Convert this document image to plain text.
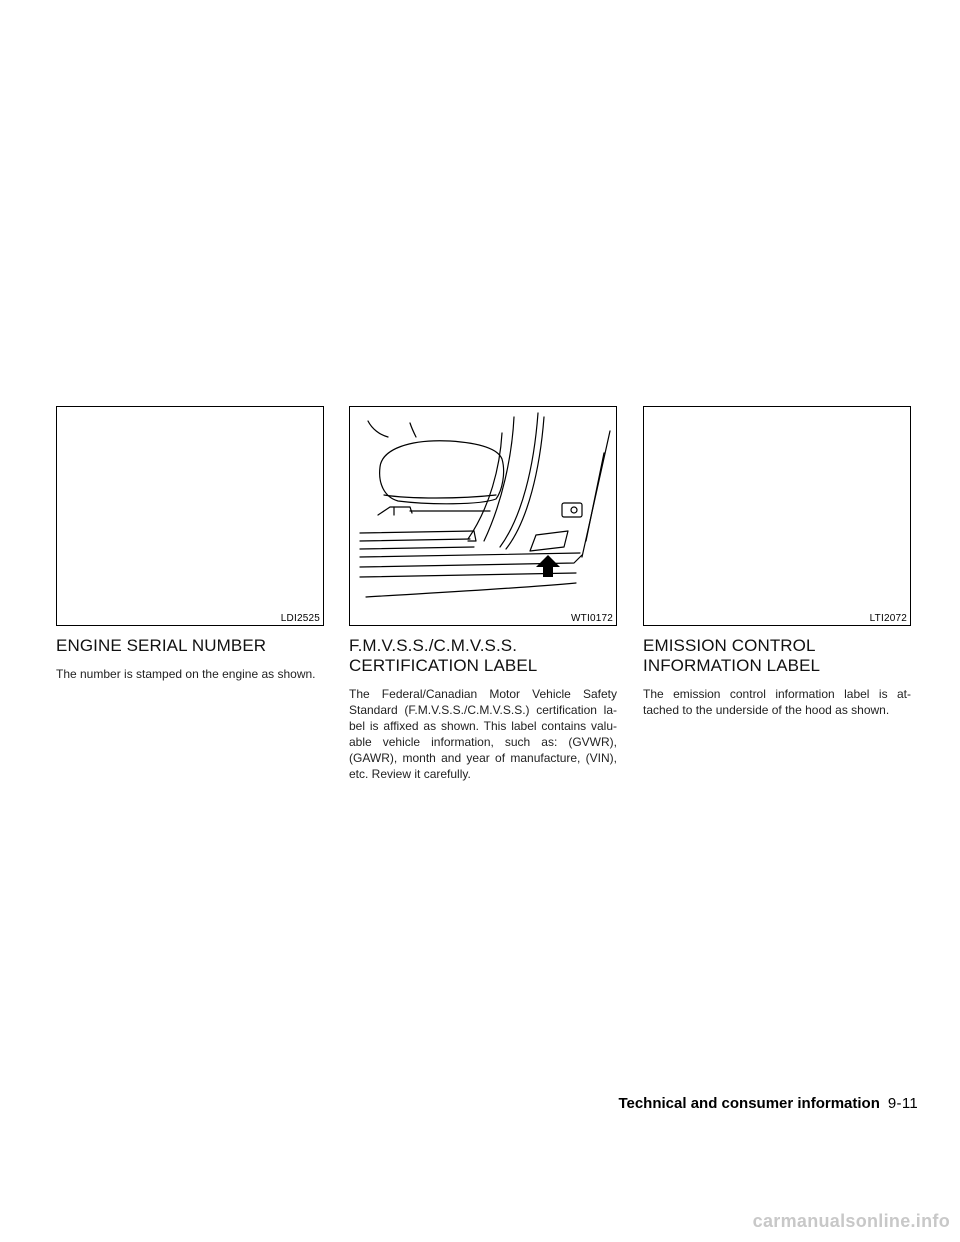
LDI2525
ENGINE SERIAL NUMBER

The number is stamped on the engine as shown.

WTI0172
F.M.V.S.S./C.M.V.S.S.
CERTIFICATION LABEL

The Federal/Canadian Motor Vehicle Safety
Standard (F.M.V.S.S./C.M.V.S.S.) certification la-
bel is affixed as shown. This label contains valu-
able vehicle information, such as: (GVWR),
(GAWR), month and year of manufacture, (VIN),
etc. Review it carefully.

LTI2072
EMISSION CONTROL
INFORMATION LABEL

The emission control information label is at-
tached to the underside of the hood as shown.

Technical and consumer information 9-11
carmanualsonline.info
